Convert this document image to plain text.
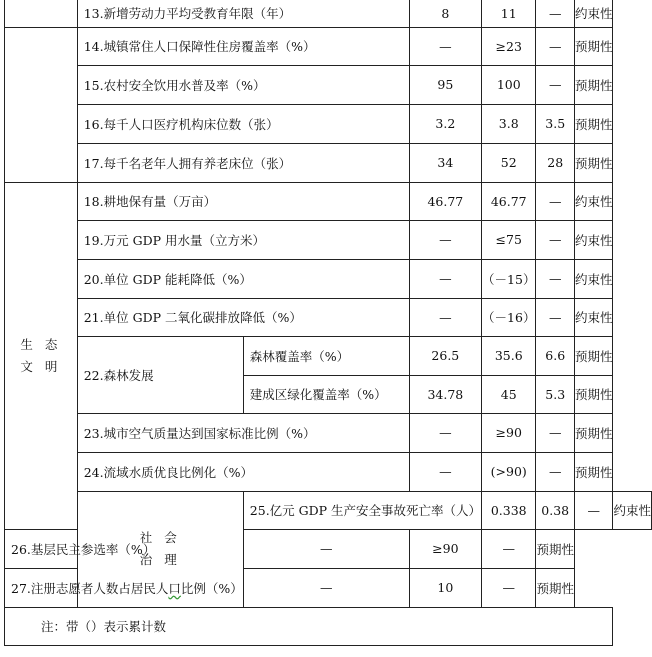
	13.新增劳动力平均受教育年限（年）		8	11	—	约束性	
	14.城镇常住人口保障性住房覆盖率（%）		—	≥23	—	预期性	
	15.农村安全饮用水普及率（%）		95	100	—	预期性	
	16.每千人口医疗机构床位数（张）		3.2	3.8	3.5	预期性	
	17.每千名老年人拥有养老床位（张）		34	52	28	预期性	
生 态
文 明	18.耕地保有量（万亩）		46.77	46.77	—	约束性	
	19.万元 GDP 用水量（立方米）		—	≤75	—	约束性	
	20.单位 GDP 能耗降低（%）		—	（－15）	—	约束性	
	21.单位 GDP 二氧化碳排放降低（%）		—	（－16）	—	约束性	
	22.森林发展	森林覆盖率（%）	26.5	35.6	6.6	预期性	
		建成区绿化覆盖率（%）	34.78	45	5.3	预期性	
	23.城市空气质量达到国家标准比例（%）		—	≥90	—	预期性	
	24.流域水质优良比例化（%）		—	(>90)	—	预期性	
	社 会
治 理	25.亿元 GDP 生产安全事故死亡率（人）		0.338	0.38	—	约束性
26.基层民主参选率（%）		—	≥90	—	预期性		
27.注册志愿者人数占居民人口比例（%）		—	10	—	预期性		
注：带（）表示累计数							
